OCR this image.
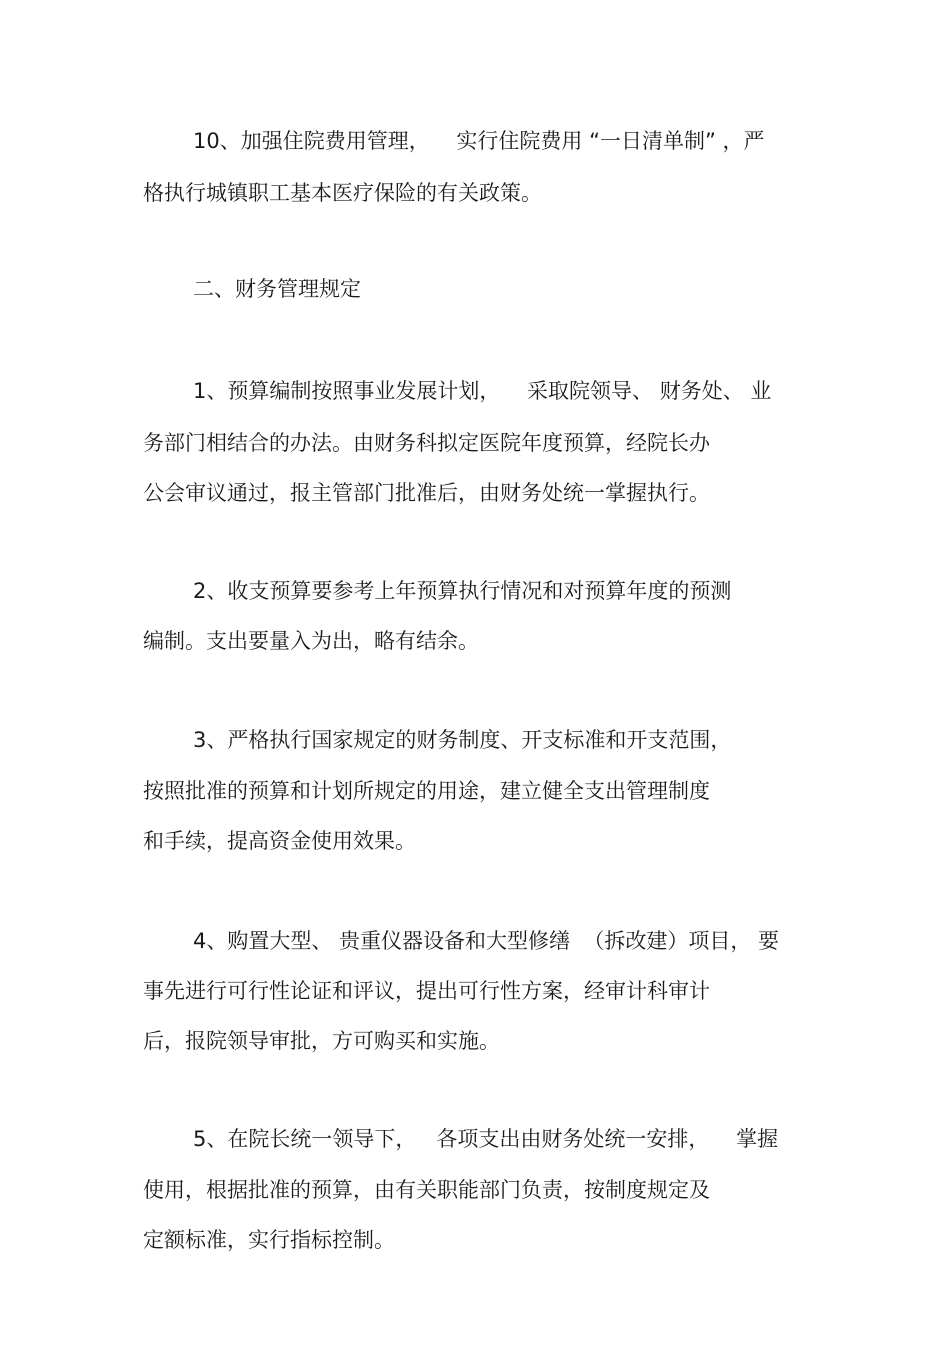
10、加强住院费用管理，    实行住院费用 “一日清单制” ，严

格执行城镇职工基本医疗保险的有关政策。

二、财务管理规定

1、预算编制按照事业发展计划，    采取院领导、 财务处、 业

务部门相结合的办法。由财务科拟定医院年度预算，经院长办

公会审议通过，报主管部门批准后，由财务处统一掌握执行。

2、收支预算要参考上年预算执行情况和对预算年度的预测

编制。支出要量入为出，略有结余。

3、严格执行国家规定的财务制度、开支标准和开支范围，

按照批准的预算和计划所规定的用途，建立健全支出管理制度

和手续，提高资金使用效果。

4、购置大型、 贵重仪器设备和大型修缮  （拆改建）项目， 要

事先进行可行性论证和评议，提出可行性方案，经审计科审计

后，报院领导审批，方可购买和实施。

5、在院长统一领导下，   各项支出由财务处统一安排，    掌握

使用，根据批准的预算，由有关职能部门负责，按制度规定及

定额标准，实行指标控制。
